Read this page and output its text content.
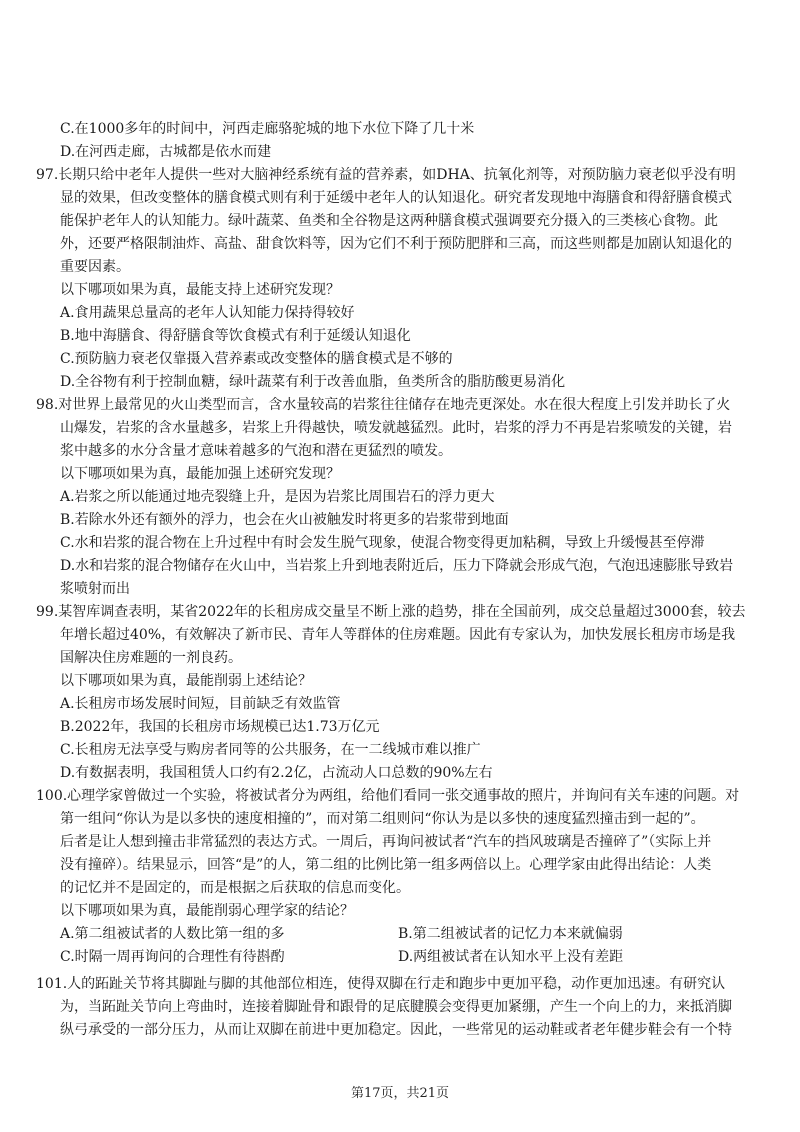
C.在1000多年的时间中，河西走廊骆驼城的地下水位下降了几十米
D.在河西走廊，古城都是依水而建
97.长期只给中老年人提供一些对大脑神经系统有益的营养素，如DHA、抗氧化剂等，对预防脑力衰老似乎没有明
显的效果，但改变整体的膳食模式则有利于延缓中老年人的认知退化。研究者发现地中海膳食和得舒膳食模式
能保护老年人的认知能力。绿叶蔬菜、鱼类和全谷物是这两种膳食模式强调要充分摄入的三类核心食物。此
外，还要严格限制油炸、高盐、甜食饮料等，因为它们不利于预防肥胖和三高，而这些则都是加剧认知退化的
重要因素。
以下哪项如果为真，最能支持上述研究发现？
A.食用蔬果总量高的老年人认知能力保持得较好
B.地中海膳食、得舒膳食等饮食模式有利于延缓认知退化
C.预防脑力衰老仅靠摄入营养素或改变整体的膳食模式是不够的
D.全谷物有利于控制血糖，绿叶蔬菜有利于改善血脂，鱼类所含的脂肪酸更易消化
98.对世界上最常见的火山类型而言，含水量较高的岩浆往往储存在地壳更深处。水在很大程度上引发并助长了火
山爆发，岩浆的含水量越多，岩浆上升得越快，喷发就越猛烈。此时，岩浆的浮力不再是岩浆喷发的关键，岩
浆中越多的水分含量才意味着越多的气泡和潜在更猛烈的喷发。
以下哪项如果为真，最能加强上述研究发现？
A.岩浆之所以能通过地壳裂缝上升，是因为岩浆比周围岩石的浮力更大
B.若除水外还有额外的浮力，也会在火山被触发时将更多的岩浆带到地面
C.水和岩浆的混合物在上升过程中有时会发生脱气现象，使混合物变得更加粘稠，导致上升缓慢甚至停滞
D.水和岩浆的混合物储存在火山中，当岩浆上升到地表附近后，压力下降就会形成气泡，气泡迅速膨胀导致岩
浆喷射而出
99.某智库调查表明，某省2022年的长租房成交量呈不断上涨的趋势，排在全国前列，成交总量超过3000套，较去
年增长超过40%，有效解决了新市民、青年人等群体的住房难题。因此有专家认为，加快发展长租房市场是我
国解决住房难题的一剂良药。
以下哪项如果为真，最能削弱上述结论？
A.长租房市场发展时间短，目前缺乏有效监管
B.2022年，我国的长租房市场规模已达1.73万亿元
C.长租房无法享受与购房者同等的公共服务，在一二线城市难以推广
D.有数据表明，我国租赁人口约有2.2亿，占流动人口总数的90%左右
100.心理学家曾做过一个实验，将被试者分为两组，给他们看同一张交通事故的照片，并询问有关车速的问题。对
第一组问“你认为是以多快的速度相撞的”，而对第二组则问“你认为是以多快的速度猛烈撞击到一起的”。
后者是让人想到撞击非常猛烈的表达方式。一周后，再询问被试者“汽车的挡风玻璃是否撞碎了”（实际上并
没有撞碎）。结果显示，回答“是”的人，第二组的比例比第一组多两倍以上。心理学家由此得出结论：人类
的记忆并不是固定的，而是根据之后获取的信息而变化。
以下哪项如果为真，最能削弱心理学家的结论？
A.第二组被试者的人数比第一组的多	B.第二组被试者的记忆力本来就偏弱
C.时隔一周再询问的合理性有待斟酌	D.两组被试者在认知水平上没有差距
101.人的跖趾关节将其脚趾与脚的其他部位相连，使得双脚在行走和跑步中更加平稳，动作更加迅速。有研究认
为，当跖趾关节向上弯曲时，连接着脚趾骨和跟骨的足底腱膜会变得更加紧绷，产生一个向上的力，来抵消脚
纵弓承受的一部分压力，从而让双脚在前进中更加稳定。因此，一些常见的运动鞋或者老年健步鞋会有一个特
第17页，共21页
